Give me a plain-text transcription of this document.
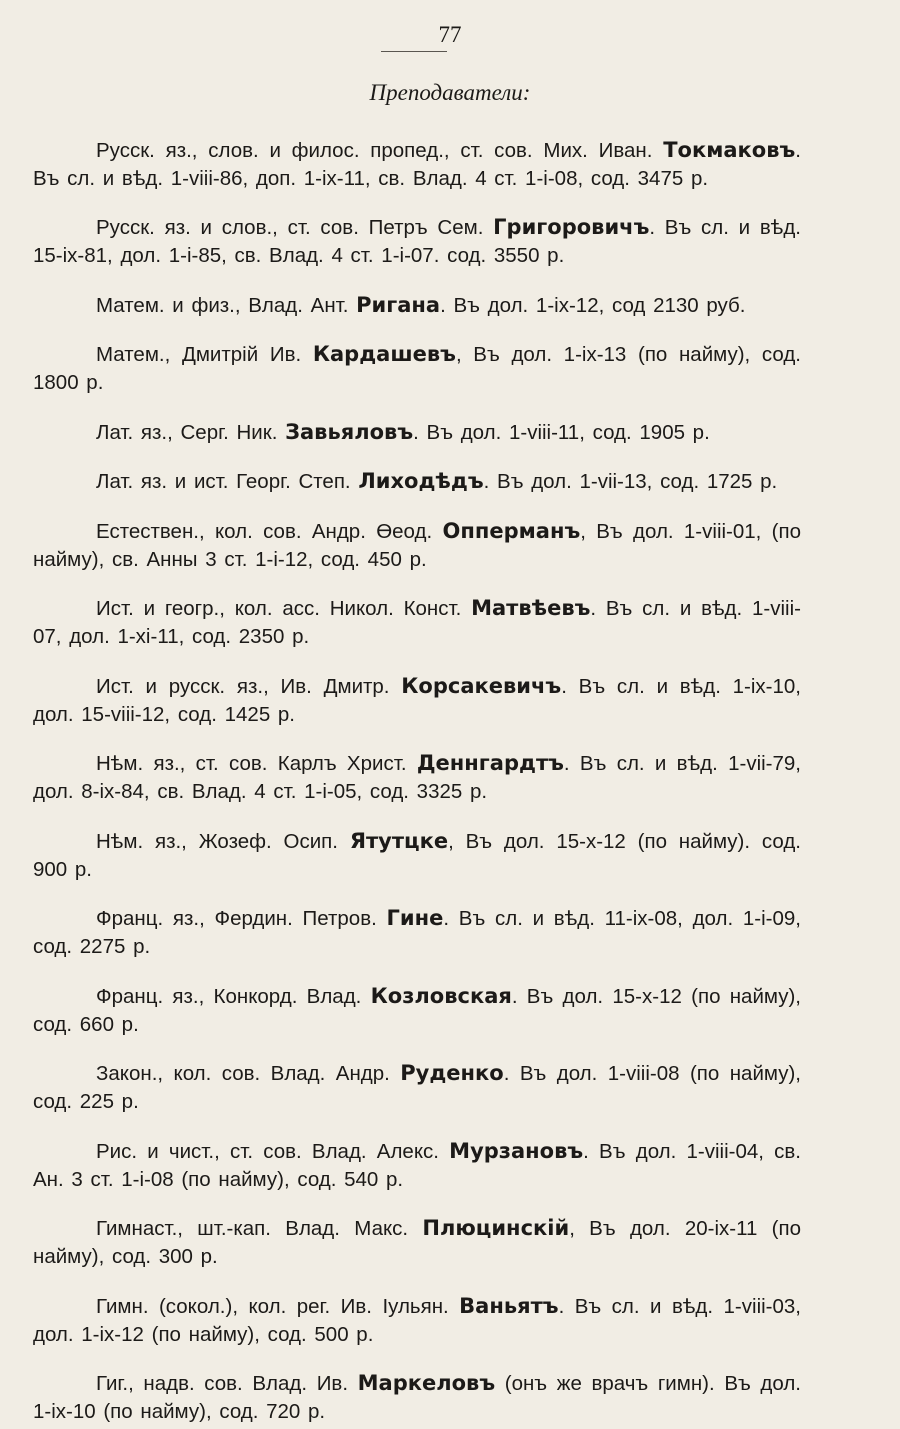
77
Преподаватели:

Русск. яз., слов. и филос. пропед., ст. сов. Мих. Иван. Токмаковъ. Въ сл. и вѣд. 1-viii-86, доп. 1-ix-11, св. Влад. 4 ст. 1-i-08, сод. 3475 р.

Русск. яз. и слов., ст. сов. Петръ Сем. Григоровичъ. Въ сл. и вѣд. 15-ix-81, дол. 1-i-85, св. Влад. 4 ст. 1-i-07. сод. 3550 р.

Матем. и физ., Влад. Ант. Ригана. Въ дол. 1-ix-12, сод 2130 руб.

Матем., Дмитрій Ив. Кардашевъ, Въ дол. 1-ix-13 (по найму), сод. 1800 р.

Лат. яз., Серг. Ник. Завьяловъ. Въ дол. 1-viii-11, сод. 1905 р.

Лат. яз. и ист. Георг. Степ. Лиходѣдъ. Въ дол. 1-vii-13, сод. 1725 р.

Естествен., кол. сов. Андр. Өеод. Опперманъ, Въ дол. 1-viii-01, (по найму), св. Анны 3 ст. 1-i-12, сод. 450 р.

Ист. и геогр., кол. асс. Никол. Конст. Матвѣевъ. Въ сл. и вѣд. 1-viii-07, дол. 1-xi-11, сод. 2350 р.

Ист. и русск. яз., Ив. Дмитр. Корсакевичъ. Въ сл. и вѣд. 1-ix-10, дол. 15-viii-12, сод. 1425 р.

Нѣм. яз., ст. сов. Карлъ Христ. Деннгардтъ. Въ сл. и вѣд. 1-vii-79, дол. 8-ix-84, св. Влад. 4 ст. 1-i-05, сод. 3325 р.

Нѣм. яз., Жозеф. Осип. Ятутцке, Въ дол. 15-x-12 (по найму). сод. 900 р.

Франц. яз., Фердин. Петров. Гине. Въ сл. и вѣд. 11-ix-08, дол. 1-i-09, сод. 2275 р.

Франц. яз., Конкорд. Влад. Козловская. Въ дол. 15-x-12 (по найму), сод. 660 р.

Закон., кол. сов. Влад. Андр. Руденко. Въ дол. 1-viii-08 (по найму), сод. 225 р.

Рис. и чист., ст. сов. Влад. Алекс. Мурзановъ. Въ дол. 1-viii-04, св. Ан. 3 ст. 1-i-08 (по найму), сод. 540 р.

Гимнаст., шт.-кап. Влад. Макс. Плюцинскій, Въ дол. 20-ix-11 (по найму), сод. 300 р.

Гимн. (сокол.), кол. рег. Ив. Іульян. Ваньятъ. Въ сл. и вѣд. 1-viii-03, дол. 1-ix-12 (по найму), сод. 500 р.

Гиг., надв. сов. Влад. Ив. Маркеловъ (онъ же врачъ гимн). Въ дол. 1-ix-10 (по найму), сод. 720 р.
